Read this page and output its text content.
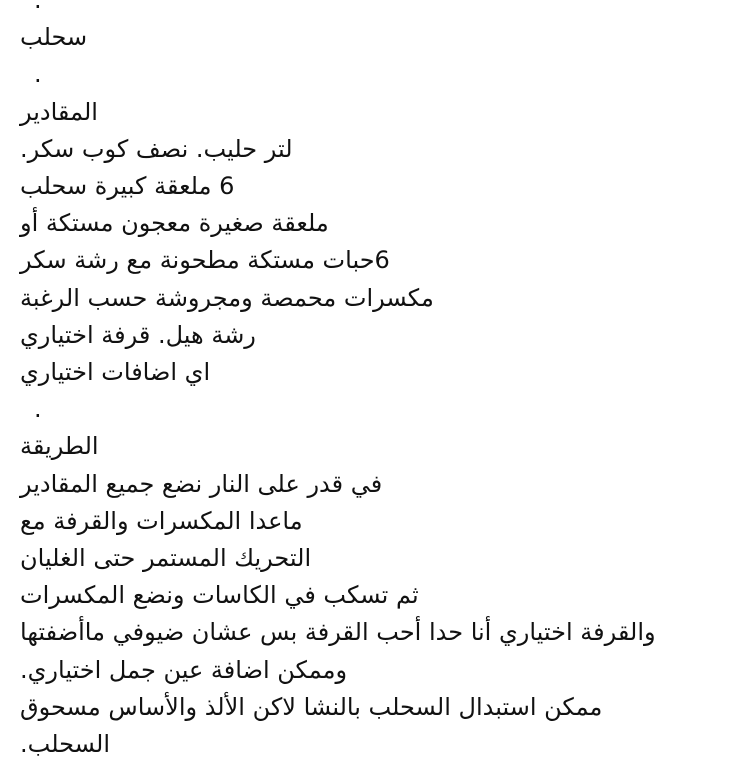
.
سحلب
.
المقادير
لتر حليب. نصف كوب سكر.
6 ملعقة كبيرة سحلب
ملعقة صغيرة معجون مستكة أو
6حبات مستكة مطحونة مع رشة سكر
مكسرات محمصة ومجروشة حسب الرغبة
رشة هيل. قرفة اختياري
اي اضافات اختياري
.
الطريقة
في قدر على النار نضع جميع المقادير
ماعدا المكسرات والقرفة مع
التحريك المستمر حتى الغليان
ثم تسكب في الكاسات ونضع المكسرات
والقرفة اختياري أنا حدا أحب القرفة بس عشان ضيوفي ماأضفتها
وممكن اضافة عين جمل اختياري.
ممكن استبدال السحلب بالنشا لاكن الألذ والأساس مسحوق
السحلب.
